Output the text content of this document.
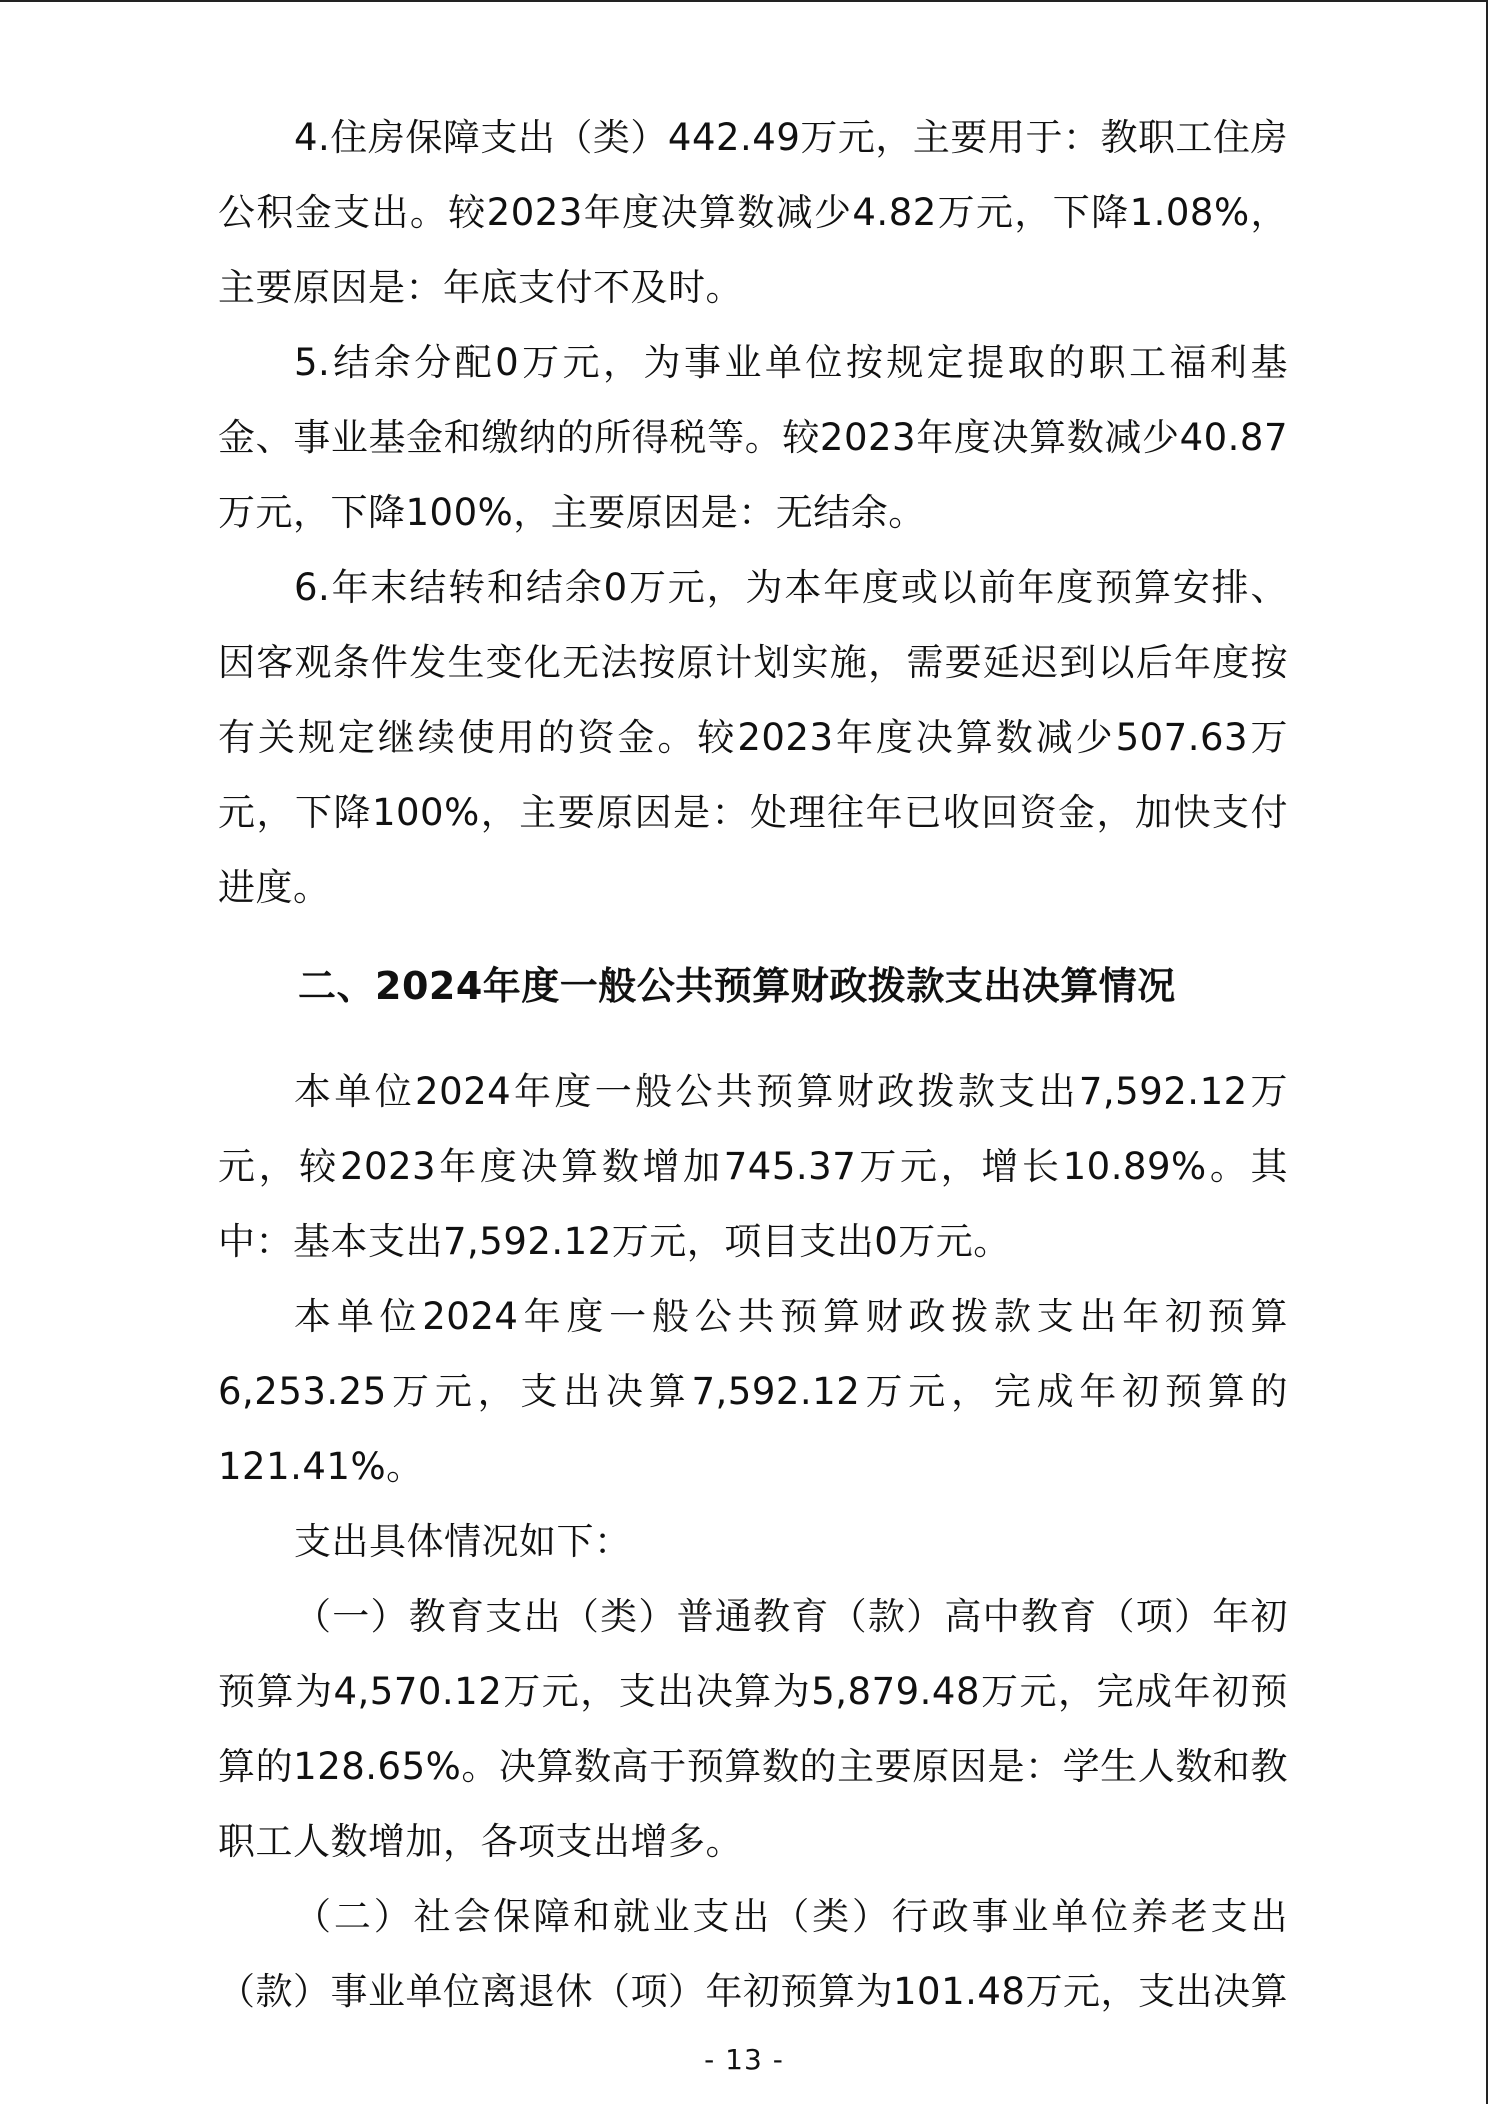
4.住房保障支出（类）442.49万元，主要用于：教职工住房公积金支出。较2023年度决算数减少4.82万元，下降1.08%，主要原因是：年底支付不及时。

5.结余分配0万元，为事业单位按规定提取的职工福利基金、事业基金和缴纳的所得税等。较2023年度决算数减少40.87万元，下降100%，主要原因是：无结余。

6.年末结转和结余0万元，为本年度或以前年度预算安排、因客观条件发生变化无法按原计划实施，需要延迟到以后年度按有关规定继续使用的资金。较2023年度决算数减少507.63万元，下降100%，主要原因是：处理往年已收回资金，加快支付进度。

二、2024年度一般公共预算财政拨款支出决算情况

本单位2024年度一般公共预算财政拨款支出7,592.12万元，较2023年度决算数增加745.37万元，增长10.89%。其中：基本支出7,592.12万元，项目支出0万元。

本单位2024年度一般公共预算财政拨款支出年初预算6,253.25万元，支出决算7,592.12万元，完成年初预算的121.41%。

支出具体情况如下：

（一）教育支出（类）普通教育（款）高中教育（项）年初预算为4,570.12万元，支出决算为5,879.48万元，完成年初预算的128.65%。决算数高于预算数的主要原因是：学生人数和教职工人数增加，各项支出增多。

（二）社会保障和就业支出（类）行政事业单位养老支出（款）事业单位离退休（项）年初预算为101.48万元，支出决算

- 13 -
